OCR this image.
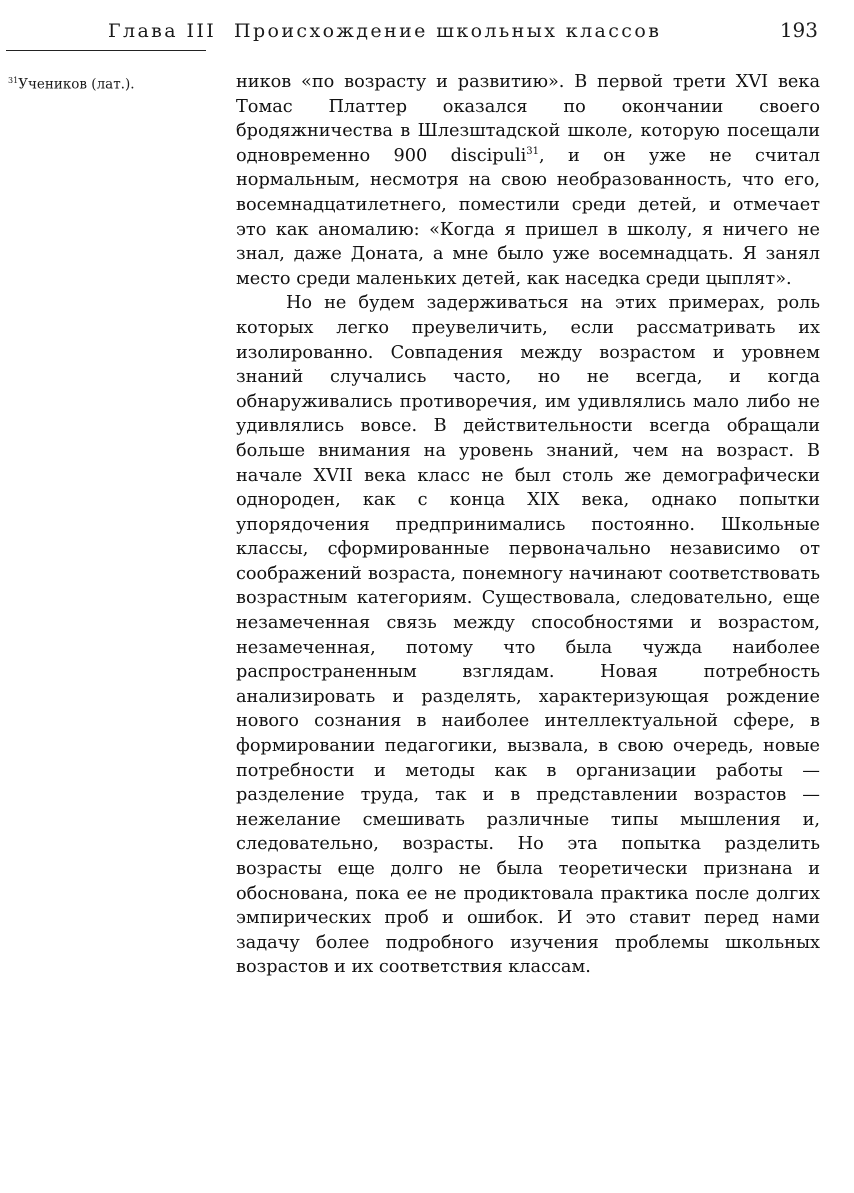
Глава III Происхождение школьных классов	193
$^{31}$Учеников (лат.).	ников «по возрасту и развитию». В первой трети XVI века Томас Платтер оказался по окончании своего бродяжничества в Шлезштадской школе, которую посещали одновременно 900 discipuli$^{31}$, и он уже не считал нормальным, несмотря на свою необразованность, что его, восемнадцатилетнего, поместили среди детей, и отмечает это как аномалию: «Когда я пришел в школу, я ничего не знал, даже Доната, а мне было уже восемнадцать. Я занял место среди маленьких детей, как наседка среди цыплят».

Но не будем задерживаться на этих примерах, роль которых легко преувеличить, если рассматривать их изолированно. Совпадения между возрастом и уровнем знаний случались часто, но не всегда, и когда обнаруживались противоречия, им удивлялись мало либо не удивлялись вовсе. В действительности всегда обращали больше внимания на уровень знаний, чем на возраст. В начале XVII века класс не был столь же демографически однороден, как с конца XIX века, однако попытки упорядочения предпринимались постоянно. Школьные классы, сформированные первоначально независимо от соображений возраста, понемногу начинают соответствовать возрастным категориям. Существовала, следовательно, еще незамеченная связь между способностями и возрастом, незамеченная, потому что была чужда наиболее распространенным взглядам. Новая потребность анализировать и разделять, характеризующая рождение нового сознания в наиболее интеллектуальной сфере, в формировании педагогики, вызвала, в свою очередь, новые потребности и методы как в организации работы — разделение труда, так и в представлении возрастов — нежелание смешивать различные типы мышления и, следовательно, возрасты. Но эта попытка разделить возрасты еще долго не была теоретически признана и обоснована, пока ее не продиктовала практика после долгих эмпирических проб и ошибок. И это ставит перед нами задачу более подробного изучения проблемы школьных возрастов и их соответствия классам.
